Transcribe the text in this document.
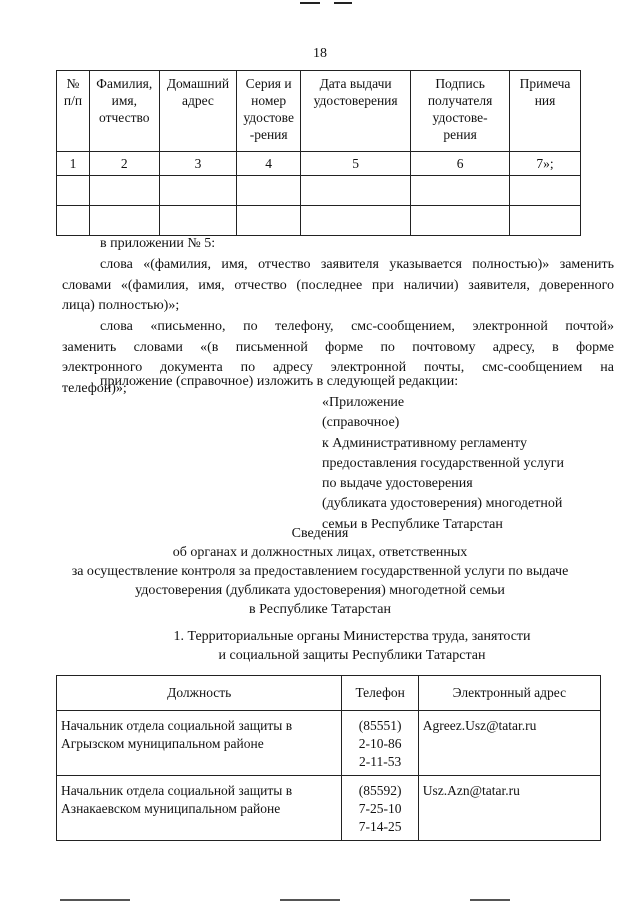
18
№
п/п	Фамилия,
имя,
отчество	Домашний
адрес	Серия и
номер
удостове
-рения	Дата выдачи
удостоверения	Подпись
получателя
удостове-
рения	Примеча
ния

1	2	3	4	5	6	7»;

в приложении № 5:
слова «(фамилия, имя, отчество заявителя указывается полностью)» заменить
словами «(фамилия, имя, отчество (последнее при наличии) заявителя, доверенного
лица) полностью)»;
слова «письменно, по телефону, смс-сообщением, электронной почтой»
заменить словами «(в письменной форме по почтовому адресу, в форме
электронного документа по адресу электронной почты, смс-сообщением на
телефон)»;
приложение (справочное) изложить в следующей редакции:
«Приложение
(справочное)
к Административному регламенту
предоставления государственной услуги
по выдаче удостоверения
(дубликата удостоверения) многодетной
семьи в Республике Татарстан
Сведения
об органах и должностных лицах, ответственных
за осуществление контроля за предоставлением государственной услуги по выдаче
удостоверения (дубликата удостоверения) многодетной семьи
в Республике Татарстан
1. Территориальные органы Министерства труда, занятости
и социальной защиты Республики Татарстан
Должность	Телефон	Электронный адрес

Начальник отдела социальной защиты в
Агрызском муниципальном районе	(85551)
2-10-86
2-11-53	Agreez.Usz@tatar.ru

Начальник отдела социальной защиты в
Азнакаевском муниципальном районе	(85592)
7-25-10
7-14-25	Usz.Azn@tatar.ru
